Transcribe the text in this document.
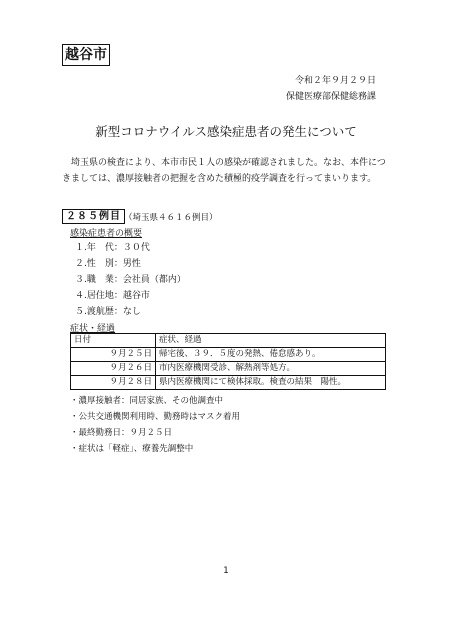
越谷市
令和２年９月２９日
保健医療部保健総務課
新型コロナウイルス感染症患者の発生について
埼玉県の検査により、本市市民１人の感染が確認されました。なお、本件につきましては、濃厚接触者の把握を含めた積極的疫学調査を行ってまいります。
２８５例目 （埼玉県４６１６例目）
感染症患者の概要
１.年　代：３０代
２.性　別：男性
３.職　業：会社員（都内）
４.居住地：越谷市
５.渡航歴：なし
症状・経過
日付	症状、経過
９月２５日	帰宅後、３９．５度の発熱、倦怠感あり。
９月２６日	市内医療機関受診、解熱剤等処方。
９月２８日	県内医療機関にて検体採取。検査の結果　陽性。
・濃厚接触者：同居家族、その他調査中
・公共交通機関利用時、勤務時はマスク着用
・最終勤務日：９月２５日
・症状は「軽症」、療養先調整中
1
